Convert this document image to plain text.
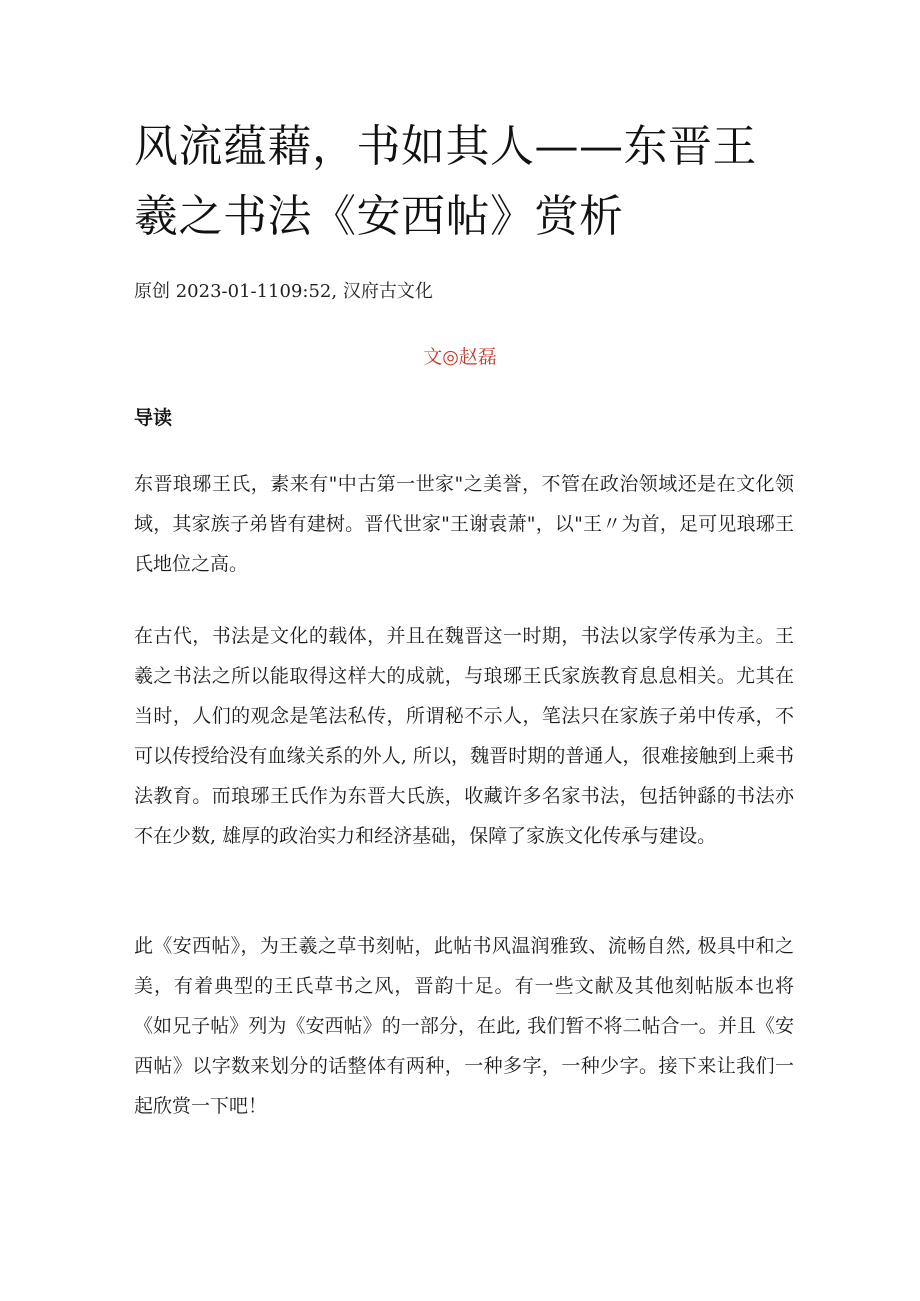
风流蕴藉，书如其人——东晋王羲之书法《安西帖》赏析
原创 2023-01-1109:52, 汉府古文化
文◎赵磊
导读

东晋琅琊王氏，素来有"中古第一世家"之美誉，不管在政治领域还是在文化领域，其家族子弟皆有建树。晋代世家"王谢袁萧"，以"王〃为首，足可见琅琊王氏地位之高。

在古代，书法是文化的载体，并且在魏晋这一时期，书法以家学传承为主。王羲之书法之所以能取得这样大的成就，与琅琊王氏家族教育息息相关。尤其在当时，人们的观念是笔法私传，所谓秘不示人，笔法只在家族子弟中传承，不可以传授给没有血缘关系的外人, 所以，魏晋时期的普通人，很难接触到上乘书法教育。而琅琊王氏作为东晋大氏族，收藏许多名家书法，包括钟繇的书法亦不在少数, 雄厚的政治实力和经济基础，保障了家族文化传承与建设。

此《安西帖》，为王羲之草书刻帖，此帖书风温润雅致、流畅自然, 极具中和之美，有着典型的王氏草书之风，晋韵十足。有一些文献及其他刻帖版本也将《如兄子帖》列为《安西帖》的一部分，在此, 我们暂不将二帖合一。并且《安西帖》以字数来划分的话整体有两种，一种多字，一种少字。接下来让我们一起欣赏一下吧！
